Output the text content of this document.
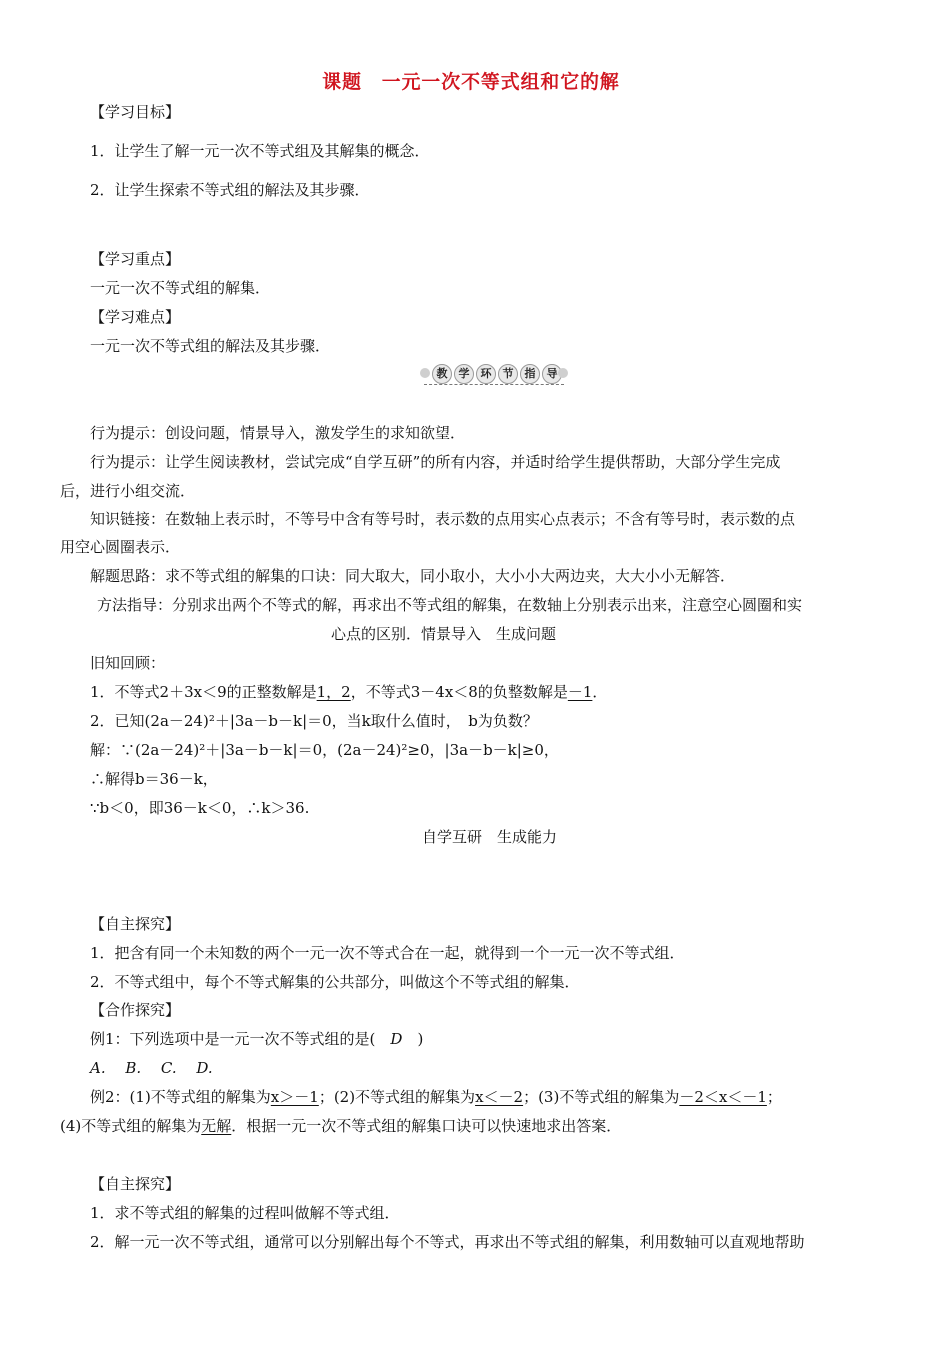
课题　一元一次不等式组和它的解
【学习目标】
1．让学生了解一元一次不等式组及其解集的概念．
2．让学生探索不等式组的解法及其步骤．
【学习重点】
一元一次不等式组的解集．
【学习难点】
一元一次不等式组的解法及其步骤．
教	学	环	节	指	导
行为提示：创设问题，情景导入，激发学生的求知欲望．
行为提示：让学生阅读教材，尝试完成“自学互研”的所有内容，并适时给学生提供帮助，大部分学生完成
后，进行小组交流．
知识链接：在数轴上表示时，不等号中含有等号时，表示数的点用实心点表示；不含有等号时，表示数的点
用空心圆圈表示．
解题思路：求不等式组的解集的口诀：同大取大，同小取小，大小小大两边夹，大大小小无解答．
方法指导：分别求出两个不等式的解，再求出不等式组的解集，在数轴上分别表示出来，注意空心圆圈和实
心点的区别．情景导入　生成问题
旧知回顾：
1．不等式2＋3x＜9的正整数解是1，2，不等式3－4x＜8的负整数解是－1．
2．已知(2a－24)²＋|3a－b－k|＝0，当k取什么值时，　b为负数？
解：∵(2a－24)²＋|3a－b－k|＝0，(2a－24)²≥0，|3a－b－k|≥0，
∴解得b＝36－k，
∵b＜0，即36－k＜0，∴k＞36.
自学互研　生成能力
【自主探究】
1．把含有同一个未知数的两个一元一次不等式合在一起，就得到一个一元一次不等式组．
2．不等式组中，每个不等式解集的公共部分，叫做这个不等式组的解集．
【合作探究】
例1：下列选项中是一元一次不等式组的是(　D　)
A.　 B.　 C.　 D.
例2：(1)不等式组的解集为x＞－1；(2)不等式组的解集为x＜－2；(3)不等式组的解集为－2＜x＜－1；
(4)不等式组的解集为无解．根据一元一次不等式组的解集口诀可以快速地求出答案．
【自主探究】
1．求不等式组的解集的过程叫做解不等式组．
2．解一元一次不等式组，通常可以分别解出每个不等式，再求出不等式组的解集，利用数轴可以直观地帮助
